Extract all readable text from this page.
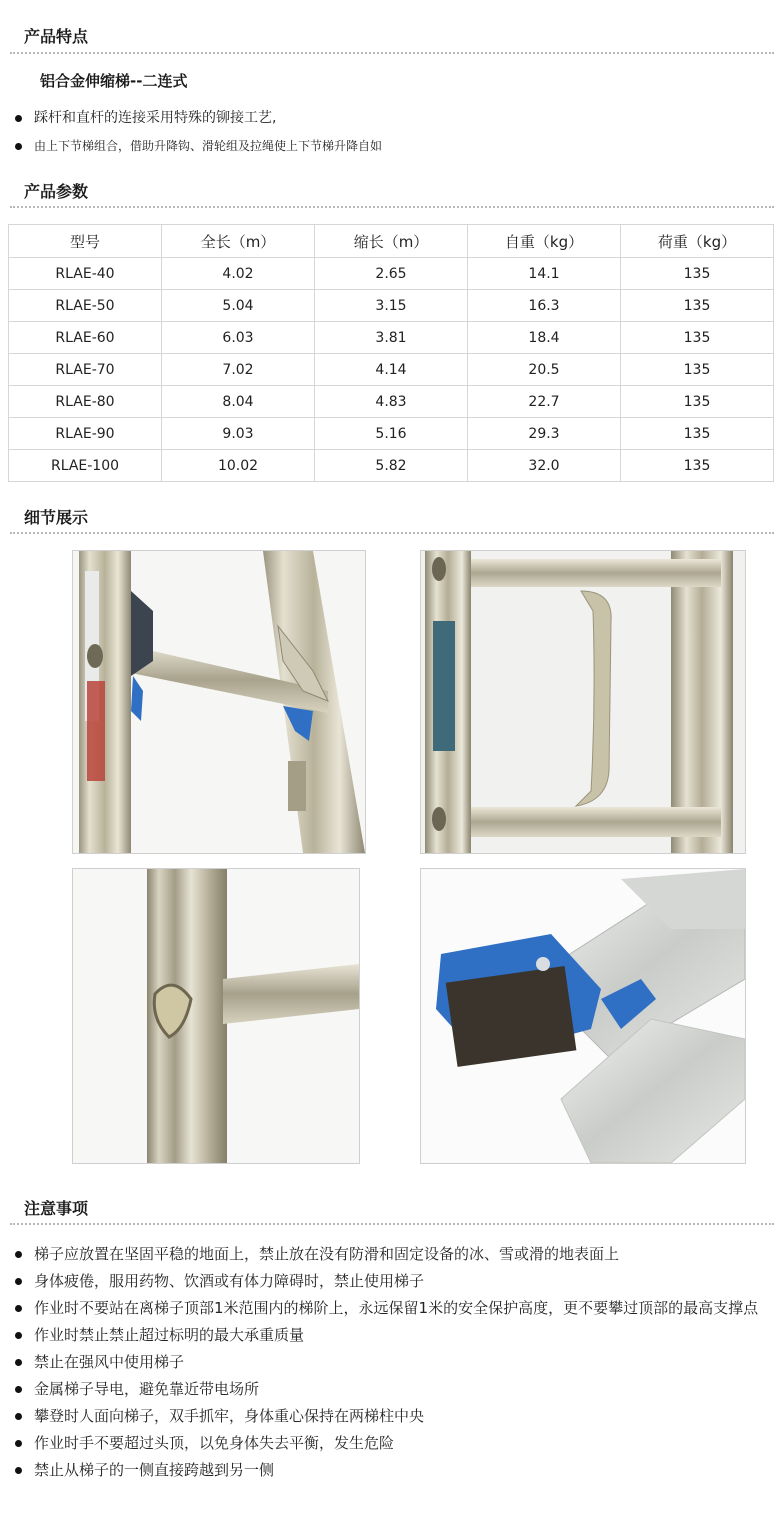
产品特点
铝合金伸缩梯--二连式
踩杆和直杆的连接采用特殊的铆接工艺,
由上下节梯组合，借助升降钩、滑轮组及拉绳使上下节梯升降自如
产品参数
型号	全长（m）	缩长（m）	自重（kg）	荷重（kg）
RLAE-40	4.02	2.65	14.1	135
RLAE-50	5.04	3.15	16.3	135
RLAE-60	6.03	3.81	18.4	135
RLAE-70	7.02	4.14	20.5	135
RLAE-80	8.04	4.83	22.7	135
RLAE-90	9.03	5.16	29.3	135
RLAE-100	10.02	5.82	32.0	135
细节展示
注意事项
梯子应放置在坚固平稳的地面上，禁止放在没有防滑和固定设备的冰、雪或滑的地表面上
身体疲倦，服用药物、饮酒或有体力障碍时，禁止使用梯子
作业时不要站在离梯子顶部1米范围内的梯阶上，永远保留1米的安全保护高度，更不要攀过顶部的最高支撑点
作业时禁止禁止超过标明的最大承重质量
禁止在强风中使用梯子
金属梯子导电，避免靠近带电场所
攀登时人面向梯子，双手抓牢，身体重心保持在两梯柱中央
作业时手不要超过头顶，以免身体失去平衡，发生危险
禁止从梯子的一侧直接跨越到另一侧
